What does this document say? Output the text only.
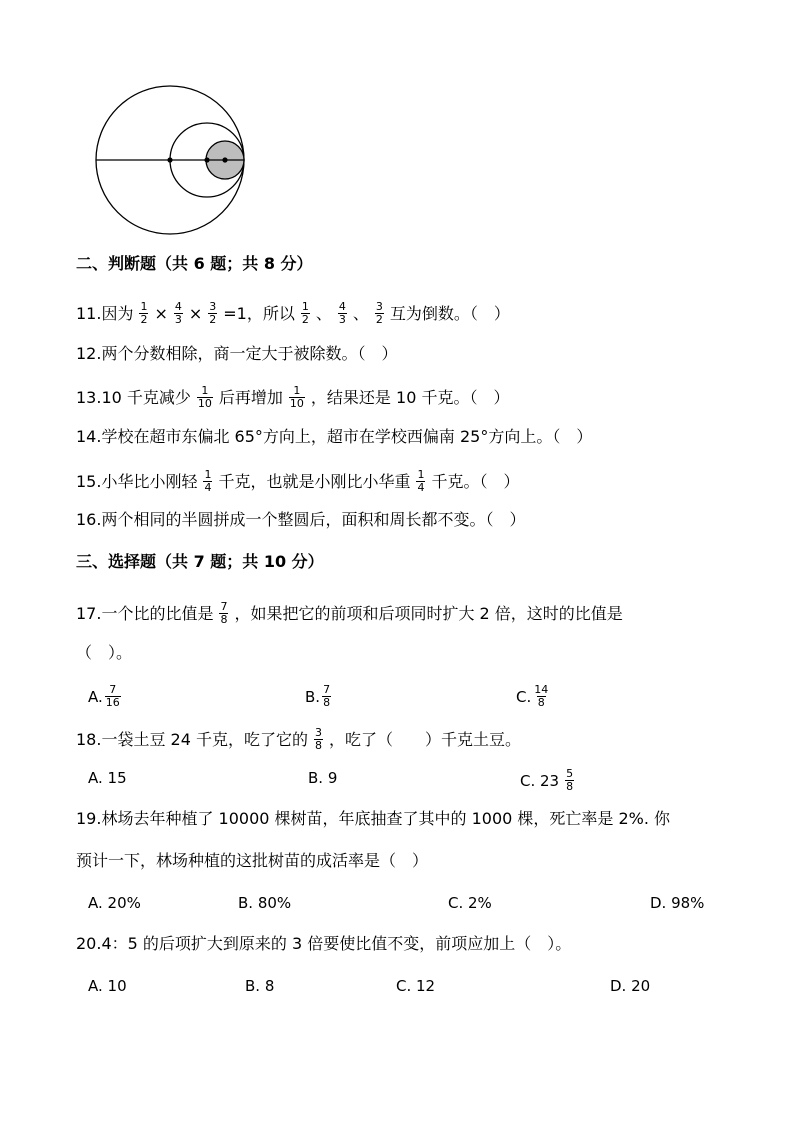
二、判断题（共 6 题；共 8 分）
11.因为 $\frac{1}{2} \times \frac{4}{3} \times \frac{3}{2} =1$，所以 $\frac{1}{2}$ 、 $\frac{4}{3}$ 、 $\frac{3}{2}$ 互为倒数。（　）
12.两个分数相除，商一定大于被除数。（　）
13.10 千克减少 $\frac{1}{10}$ 后再增加 $\frac{1}{10}$ ，结果还是 10 千克。（　）
14.学校在超市东偏北 65°方向上，超市在学校西偏南 25°方向上。（　）
15.小华比小刚轻 $\frac{1}{4}$ 千克，也就是小刚比小华重 $\frac{1}{4}$ 千克。（　）
16.两个相同的半圆拼成一个整圆后，面积和周长都不变。（　）
三、选择题（共 7 题；共 10 分）
17.一个比的比值是 $\frac{7}{8}$ ，如果把它的前项和后项同时扩大 2 倍，这时的比值是
（　）。
A. $\frac{7}{16}$	B. $\frac{7}{8}$	C. $\frac{14}{8}$
18.一袋土豆 24 千克，吃了它的 $\frac{3}{8}$ ，吃了（　　）千克土豆。
A. 15	B. 9	C. $23 \frac{5}{8}$
19.林场去年种植了 10000 棵树苗，年底抽查了其中的 1000 棵，死亡率是 2%. 你
预计一下，林场种植的这批树苗的成活率是（　）
A. 20%	B. 80%	C. 2%	D. 98%
20.4：5 的后项扩大到原来的 3 倍要使比值不变，前项应加上（　）。
A. 10	B. 8	C. 12	D. 20
